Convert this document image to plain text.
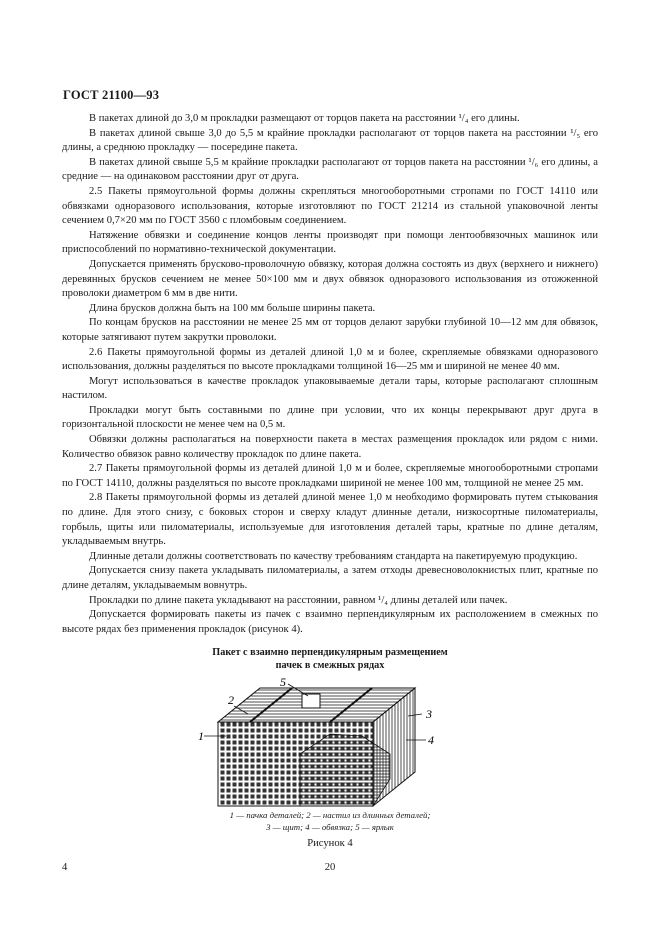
ГОСТ 21100—93

В пакетах длиной до 3,0 м прокладки размещают от торцов пакета на расстоянии ¹/₄ его длины.

В пакетах длиной свыше 3,0 до 5,5 м крайние прокладки располагают от торцов пакета на расстоянии ¹/₅ его длины, а среднюю прокладку — посередине пакета.

В пакетах длиной свыше 5,5 м крайние прокладки располагают от торцов пакета на расстоянии ¹/₆ его длины, а средние — на одинаковом расстоянии друг от друга.

2.5 Пакеты прямоугольной формы должны скрепляться многооборотными стропами по ГОСТ 14110 или обвязками одноразового использования, которые изготовляют по ГОСТ 21214 из стальной упаковочной ленты сечением 0,7×20 мм по ГОСТ 3560 с пломбовым соединением.

Натяжение обвязки и соединение концов ленты производят при помощи лентообвязочных машинок или приспособлений по нормативно-технической документации.

Допускается применять брусково-проволочную обвязку, которая должна состоять из двух (верхнего и нижнего) деревянных брусков сечением не менее 50×100 мм и двух обвязок одноразового использования из отожженной проволоки диаметром 6 мм в две нити.

Длина брусков должна быть на 100 мм больше ширины пакета.

По концам брусков на расстоянии не менее 25 мм от торцов делают зарубки глубиной 10—12 мм для обвязок, которые затягивают путем закрутки проволоки.

2.6 Пакеты прямоугольной формы из деталей длиной 1,0 м и более, скрепляемые обвязками одноразового использования, должны разделяться по высоте прокладками толщиной 16—25 мм и шириной не менее 40 мм.

Могут использоваться в качестве прокладок упаковываемые детали тары, которые располагают сплошным настилом.

Прокладки могут быть составными по длине при условии, что их концы перекрывают друг друга в горизонтальной плоскости не менее чем на 0,5 м.

Обвязки должны располагаться на поверхности пакета в местах размещения прокладок или рядом с ними. Количество обвязок равно количеству прокладок по длине пакета.

2.7 Пакеты прямоугольной формы из деталей длиной 1,0 м и более, скрепляемые многооборотными стропами по ГОСТ 14110, должны разделяться по высоте прокладками шириной не менее 100 мм, толщиной не менее 25 мм.

2.8 Пакеты прямоугольной формы из деталей длиной менее 1,0 м необходимо формировать путем стыкования по длине. Для этого снизу, с боковых сторон и сверху кладут длинные детали, низкосортные пиломатериалы, горбыль, щиты или пиломатериалы, используемые для изготовления деталей тары, кратные по длине деталям, укладываемым внутрь.

Длинные детали должны соответствовать по качеству требованиям стандарта на пакетируемую продукцию.

Допускается снизу пакета укладывать пиломатериалы, а затем отходы древесноволокнистых плит, кратные по длине деталям, укладываемым вовнутрь.

Прокладки по длине пакета укладывают на расстоянии, равном ¹/₄ длины деталей или пачек.

Допускается формировать пакеты из пачек с взаимно перпендикулярным их расположением в смежных по высоте рядах без применения прокладок (рисунок 4).

Пакет с взаимно перпендикулярным размещением
пачек в смежных рядах
1
2
3
4
5
1 — пачка деталей; 2 — настил из длинных деталей;
3 — щит; 4 — обвязка; 5 — ярлык
Рисунок 4
4	20
